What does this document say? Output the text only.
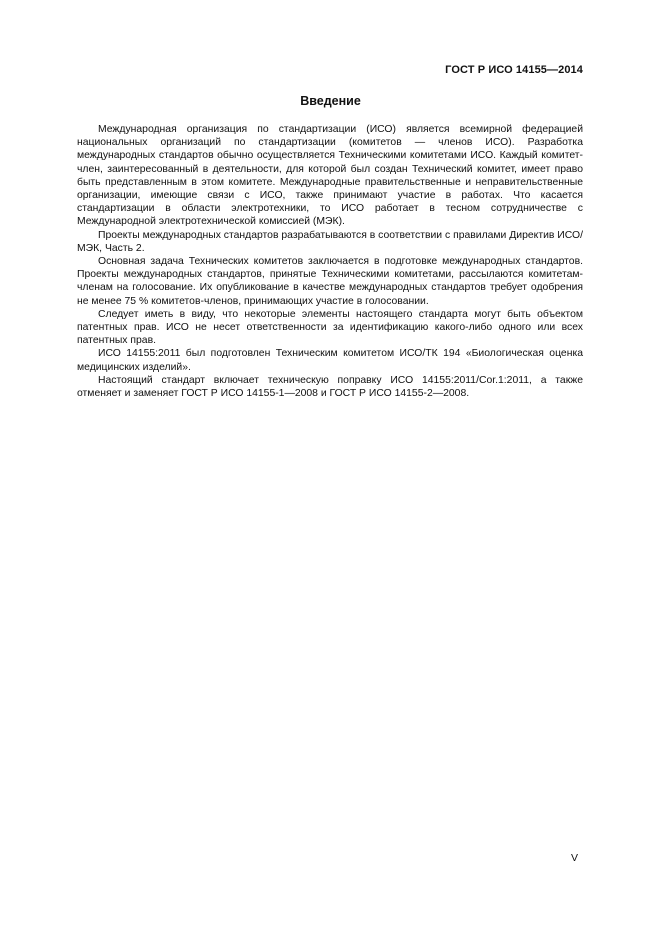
ГОСТ Р ИСО 14155—2014
Введение

Международная организация по стандартизации (ИСО) является всемирной федерацией национальных организаций по стандартизации (комитетов — членов ИСО). Разработка международных стандартов обычно осуществляется Техническими комитетами ИСО. Каждый комитет-член, заинтересованный в деятельности, для которой был создан Технический комитет, имеет право быть представленным в этом комитете. Международные правительственные и неправительственные организации, имеющие связи с ИСО, также принимают участие в работах. Что касается стандартизации в области электротехники, то ИСО работает в тесном сотрудничестве с Международной электротехнической комиссией (МЭК).

Проекты международных стандартов разрабатываются в соответствии с правилами Директив ИСО/МЭК, Часть 2.

Основная задача Технических комитетов заключается в подготовке международных стандартов. Проекты международных стандартов, принятые Техническими комитетами, рассылаются комитетам-членам на голосование. Их опубликование в качестве международных стандартов требует одобрения не менее 75 % комитетов-членов, принимающих участие в голосовании.

Следует иметь в виду, что некоторые элементы настоящего стандарта могут быть объектом патентных прав. ИСО не несет ответственности за идентификацию какого-либо одного или всех патентных прав.

ИСО 14155:2011 был подготовлен Техническим комитетом ИСО/ТК 194 «Биологическая оценка медицинских изделий».

Настоящий стандарт включает техническую поправку ИСО 14155:2011/Cor.1:2011, а также отменяет и заменяет ГОСТ Р ИСО 14155-1—2008 и ГОСТ Р ИСО 14155-2—2008.

V
